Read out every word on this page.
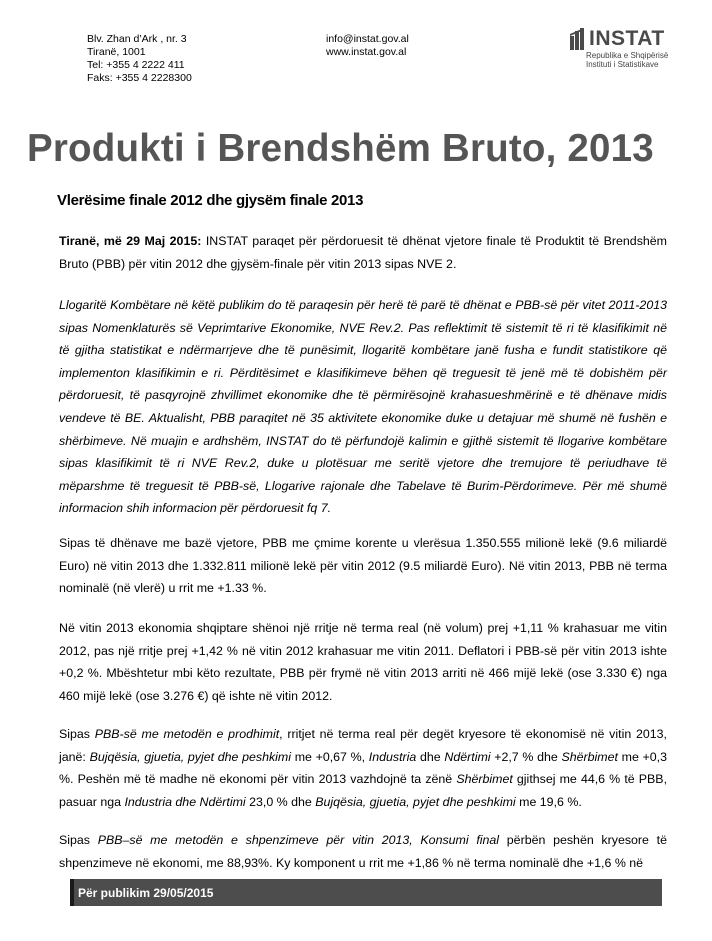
Blv. Zhan d’Ark , nr. 3
Tiranë, 1001
Tel: +355 4 2222 411
Faks: +355 4 2228300
info@instat.gov.al
www.instat.gov.al
INSTAT
Republika e Shqipërisë
Instituti i Statistikave
Produkti i Brendshëm Bruto, 2013
Vlerësime finale 2012 dhe gjysëm finale 2013
Tiranë, më 29 Maj 2015: INSTAT paraqet për përdoruesit të dhënat vjetore finale të Produktit të Brendshëm Bruto (PBB) për vitin 2012 dhe gjysëm-finale për vitin 2013 sipas NVE 2.
Llogaritë Kombëtare në këtë publikim do të paraqesin për herë të parë të dhënat e PBB-së për vitet 2011-2013 sipas Nomenklaturës së Veprimtarive Ekonomike, NVE Rev.2. Pas reflektimit të sistemit të ri të klasifikimit në të gjitha statistikat e ndërmarrjeve dhe të punësimit, llogaritë kombëtare janë fusha e fundit statistikore që implementon klasifikimin e ri. Përditësimet e klasifikimeve bëhen që treguesit të jenë më të dobishëm për përdoruesit, të pasqyrojnë zhvillimet ekonomike dhe të përmirësojnë krahasueshmërinë e të dhënave midis vendeve të BE. Aktualisht, PBB paraqitet në 35 aktivitete ekonomike duke u detajuar më shumë në fushën e shërbimeve. Në muajin e ardhshëm, INSTAT do të përfundojë kalimin e gjithë sistemit të llogarive kombëtare sipas klasifikimit të ri NVE Rev.2, duke u plotësuar me seritë vjetore dhe tremujore të periudhave të mëparshme të treguesit të PBB-së, Llogarive rajonale dhe Tabelave të Burim-Përdorimeve. Për më shumë informacion shih informacion për përdoruesit fq 7.
Sipas të dhënave me bazë vjetore, PBB me çmime korente u vlerësua 1.350.555 milionë lekë (9.6 miliardë Euro) në vitin 2013 dhe 1.332.811 milionë lekë për vitin 2012 (9.5 miliardë Euro). Në vitin 2013, PBB në terma nominalë (në vlerë) u rrit me +1.33 %.
Në vitin 2013 ekonomia shqiptare shënoi një rritje në terma real (në volum) prej +1,11 % krahasuar me vitin 2012, pas një rritje prej +1,42 % në vitin 2012 krahasuar me vitin 2011. Deflatori i PBB-së për vitin 2013 ishte +0,2 %. Mbështetur mbi këto rezultate, PBB për frymë në vitin 2013 arriti në 466 mijë lekë (ose 3.330 €) nga 460 mijë lekë (ose 3.276 €) që ishte në vitin 2012.
Sipas PBB-së me metodën e prodhimit, rritjet në terma real për degët kryesore të ekonomisë në vitin 2013, janë: Bujqësia, gjuetia, pyjet dhe peshkimi me +0,67 %, Industria dhe Ndërtimi +2,7 % dhe Shërbimet me +0,3 %. Peshën më të madhe në ekonomi për vitin 2013 vazhdojnë ta zënë Shërbimet gjithsej me 44,6 % të PBB, pasuar nga Industria dhe Ndërtimi 23,0 % dhe Bujqësia, gjuetia, pyjet dhe peshkimi me 19,6 %.
Sipas PBB–së me metodën e shpenzimeve për vitin 2013, Konsumi final përbën peshën kryesore të shpenzimeve në ekonomi, me 88,93%. Ky komponent u rrit me +1,86 % në terma nominalë dhe +1,6 % në
Për publikim 29/05/2015
